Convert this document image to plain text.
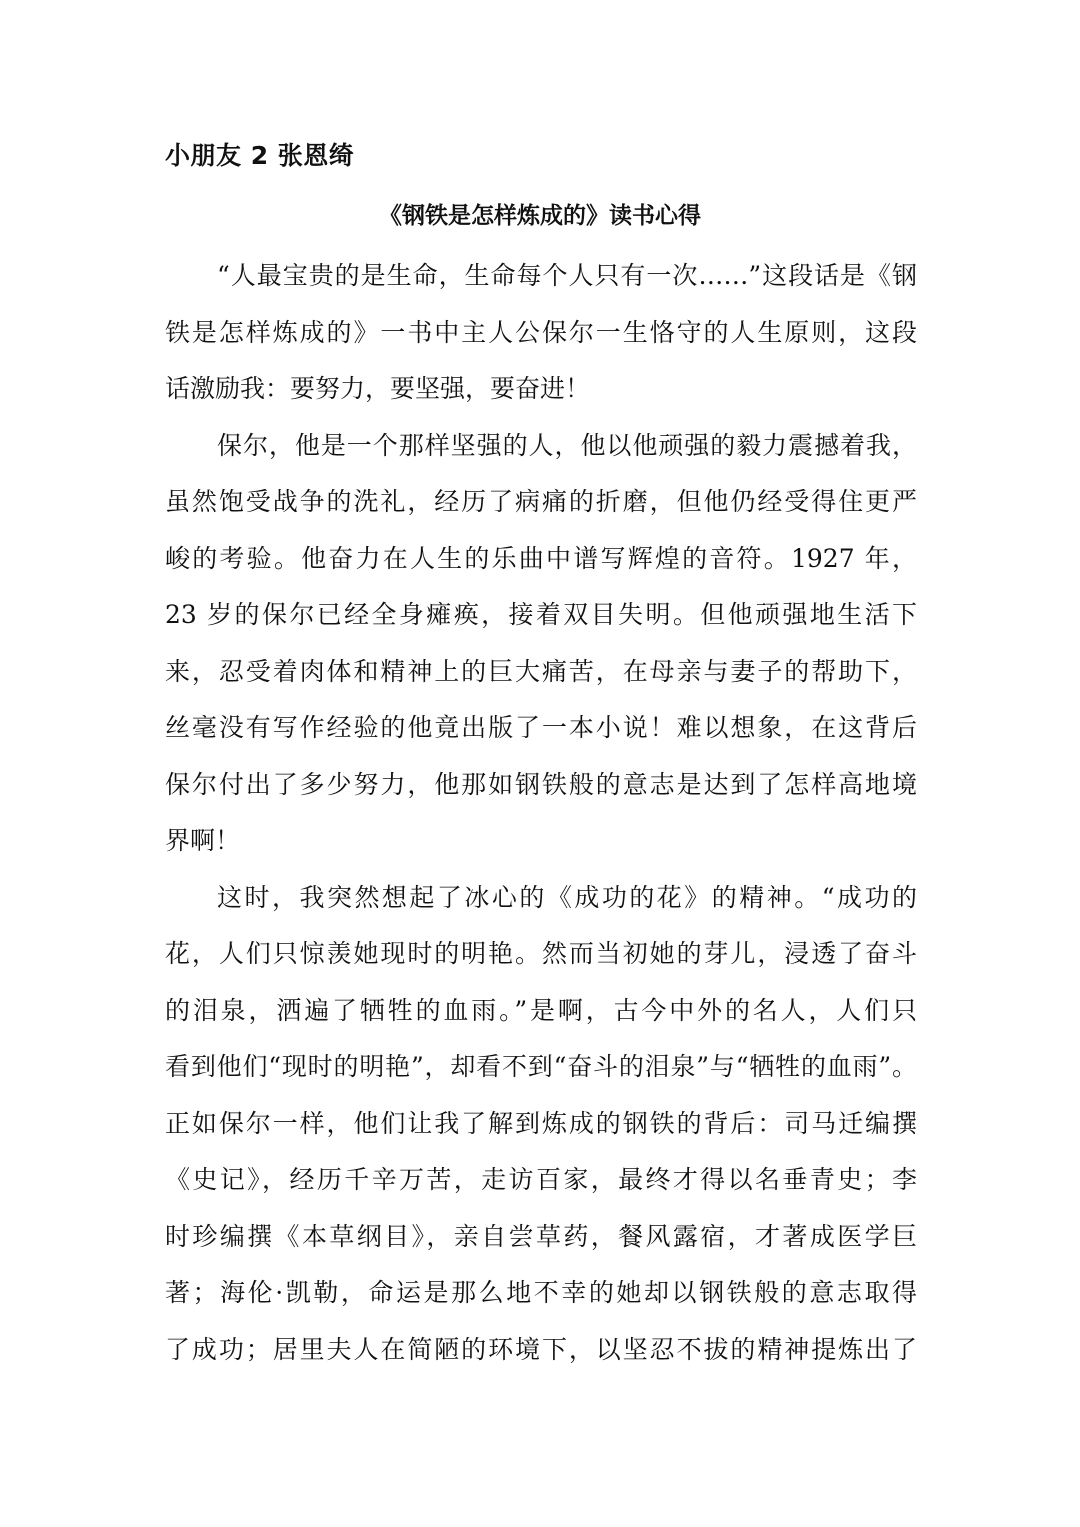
小朋友 2 张恩绮
《钢铁是怎样炼成的》读书心得
“人最宝贵的是生命，生命每个人只有一次……”这段话是《钢
铁是怎样炼成的》一书中主人公保尔一生恪守的人生原则，这段
话激励我：要努力，要坚强，要奋进！
保尔，他是一个那样坚强的人，他以他顽强的毅力震撼着我，
虽然饱受战争的洗礼，经历了病痛的折磨，但他仍经受得住更严
峻的考验。他奋力在人生的乐曲中谱写辉煌的音符。1927 年，
23 岁的保尔已经全身瘫痪，接着双目失明。但他顽强地生活下
来，忍受着肉体和精神上的巨大痛苦，在母亲与妻子的帮助下，
丝毫没有写作经验的他竟出版了一本小说！难以想象，在这背后
保尔付出了多少努力，他那如钢铁般的意志是达到了怎样高地境
界啊！
这时，我突然想起了冰心的《成功的花》的精神。“成功的
花，人们只惊羡她现时的明艳。然而当初她的芽儿，浸透了奋斗
的泪泉，洒遍了牺牲的血雨。”是啊，古今中外的名人，人们只
看到他们“现时的明艳”，却看不到“奋斗的泪泉”与“牺牲的血雨”。
正如保尔一样，他们让我了解到炼成的钢铁的背后：司马迁编撰
《史记》，经历千辛万苦，走访百家，最终才得以名垂青史；李
时珍编撰《本草纲目》，亲自尝草药，餐风露宿，才著成医学巨
著；海伦·凯勒，命运是那么地不幸的她却以钢铁般的意志取得
了成功；居里夫人在简陋的环境下，以坚忍不拔的精神提炼出了
